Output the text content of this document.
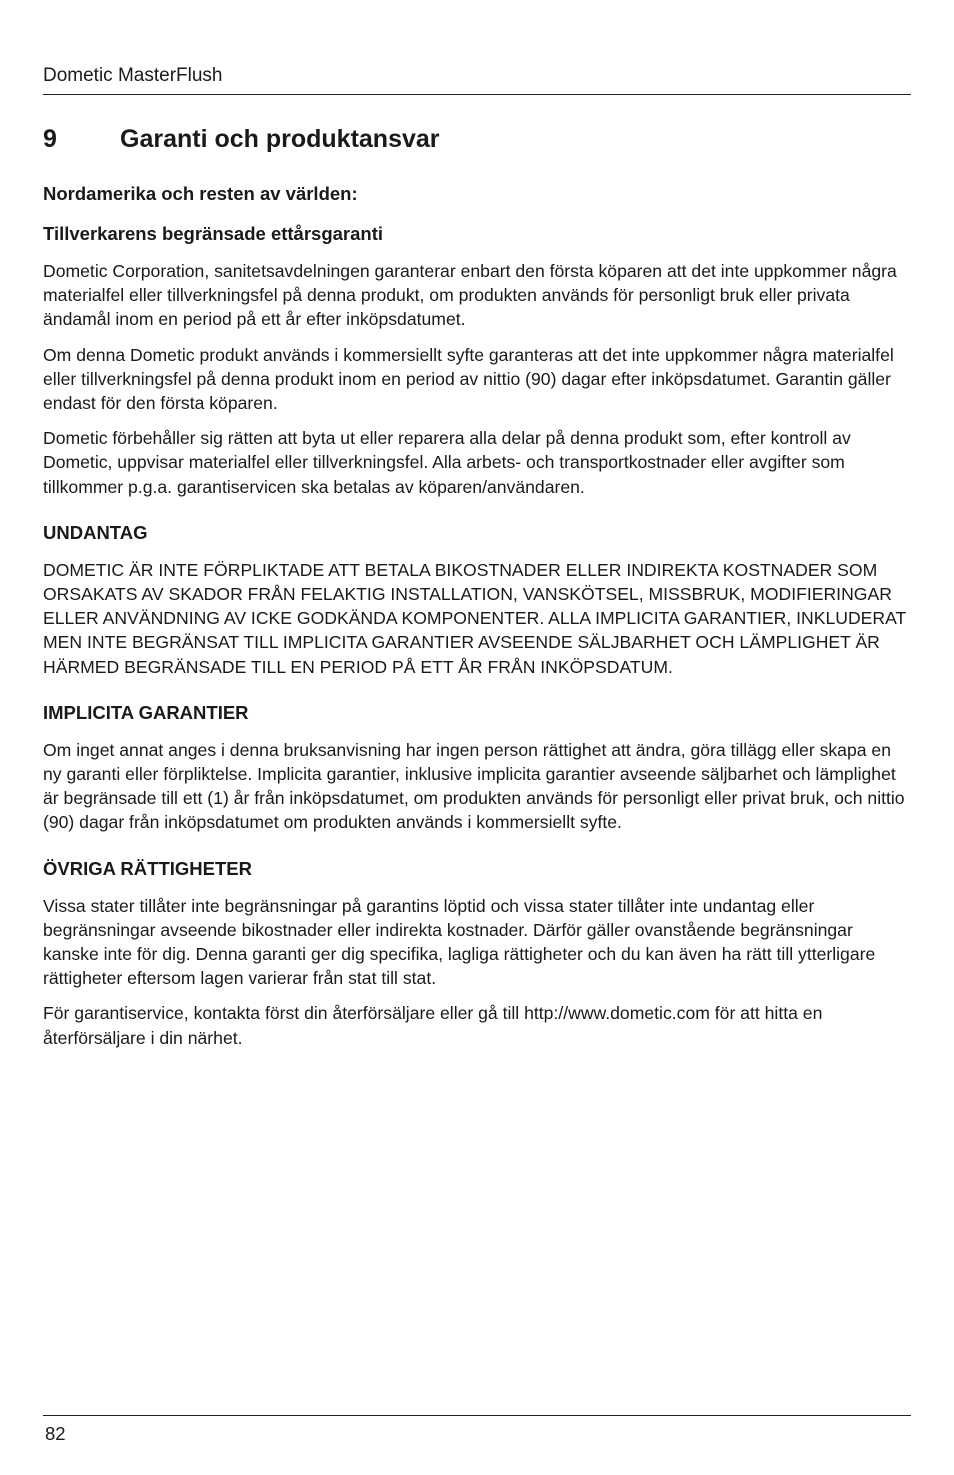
Dometic MasterFlush
9	Garanti och produktansvar
Nordamerika och resten av världen:
Tillverkarens begränsade ettårsgaranti

Dometic Corporation, sanitetsavdelningen garanterar enbart den första köparen att det inte uppkommer några materialfel eller tillverkningsfel på denna produkt, om produkten används för personligt bruk eller privata ändamål inom en period på ett år efter inköpsdatumet.

Om denna Dometic produkt används i kommersiellt syfte garanteras att det inte uppkommer några materialfel eller tillverkningsfel på denna produkt inom en period av nittio (90) dagar efter inköpsdatumet. Garantin gäller endast för den första köparen.

Dometic förbehåller sig rätten att byta ut eller reparera alla delar på denna produkt som, efter kontroll av Dometic, uppvisar materialfel eller tillverkningsfel. Alla arbets- och transportkostnader eller avgifter som tillkommer p.g.a. garantiservicen ska betalas av köparen/användaren.

UNDANTAG

DOMETIC ÄR INTE FÖRPLIKTADE ATT BETALA BIKOSTNADER ELLER INDIREKTA KOSTNADER SOM ORSAKATS AV SKADOR FRÅN FELAKTIG INSTALLATION, VANSKÖTSEL, MISSBRUK, MODIFIERINGAR ELLER ANVÄNDNING AV ICKE GODKÄNDA KOMPONENTER. ALLA IMPLICITA GARANTIER, INKLUDERAT MEN INTE BEGRÄNSAT TILL IMPLICITA GARANTIER AVSEENDE SÄLJBARHET OCH LÄMPLIGHET ÄR HÄRMED BEGRÄNSADE TILL EN PERIOD PÅ ETT ÅR FRÅN INKÖPSDATUM.

IMPLICITA GARANTIER

Om inget annat anges i denna bruksanvisning har ingen person rättighet att ändra, göra tillägg eller skapa en ny garanti eller förpliktelse. Implicita garantier, inklusive implicita garantier avseende säljbarhet och lämplighet är begränsade till ett (1) år från inköpsdatumet, om produkten används för personligt eller privat bruk, och nittio (90) dagar från inköpsdatumet om produkten används i kommersiellt syfte.

ÖVRIGA RÄTTIGHETER

Vissa stater tillåter inte begränsningar på garantins löptid och vissa stater tillåter inte undantag eller begränsningar avseende bikostnader eller indirekta kostnader. Därför gäller ovanstående begränsningar kanske inte för dig. Denna garanti ger dig specifika, lagliga rättigheter och du kan även ha rätt till ytterligare rättigheter eftersom lagen varierar från stat till stat.

För garantiservice, kontakta först din återförsäljare eller gå till http://www.dometic.com för att hitta en återförsäljare i din närhet.

82
